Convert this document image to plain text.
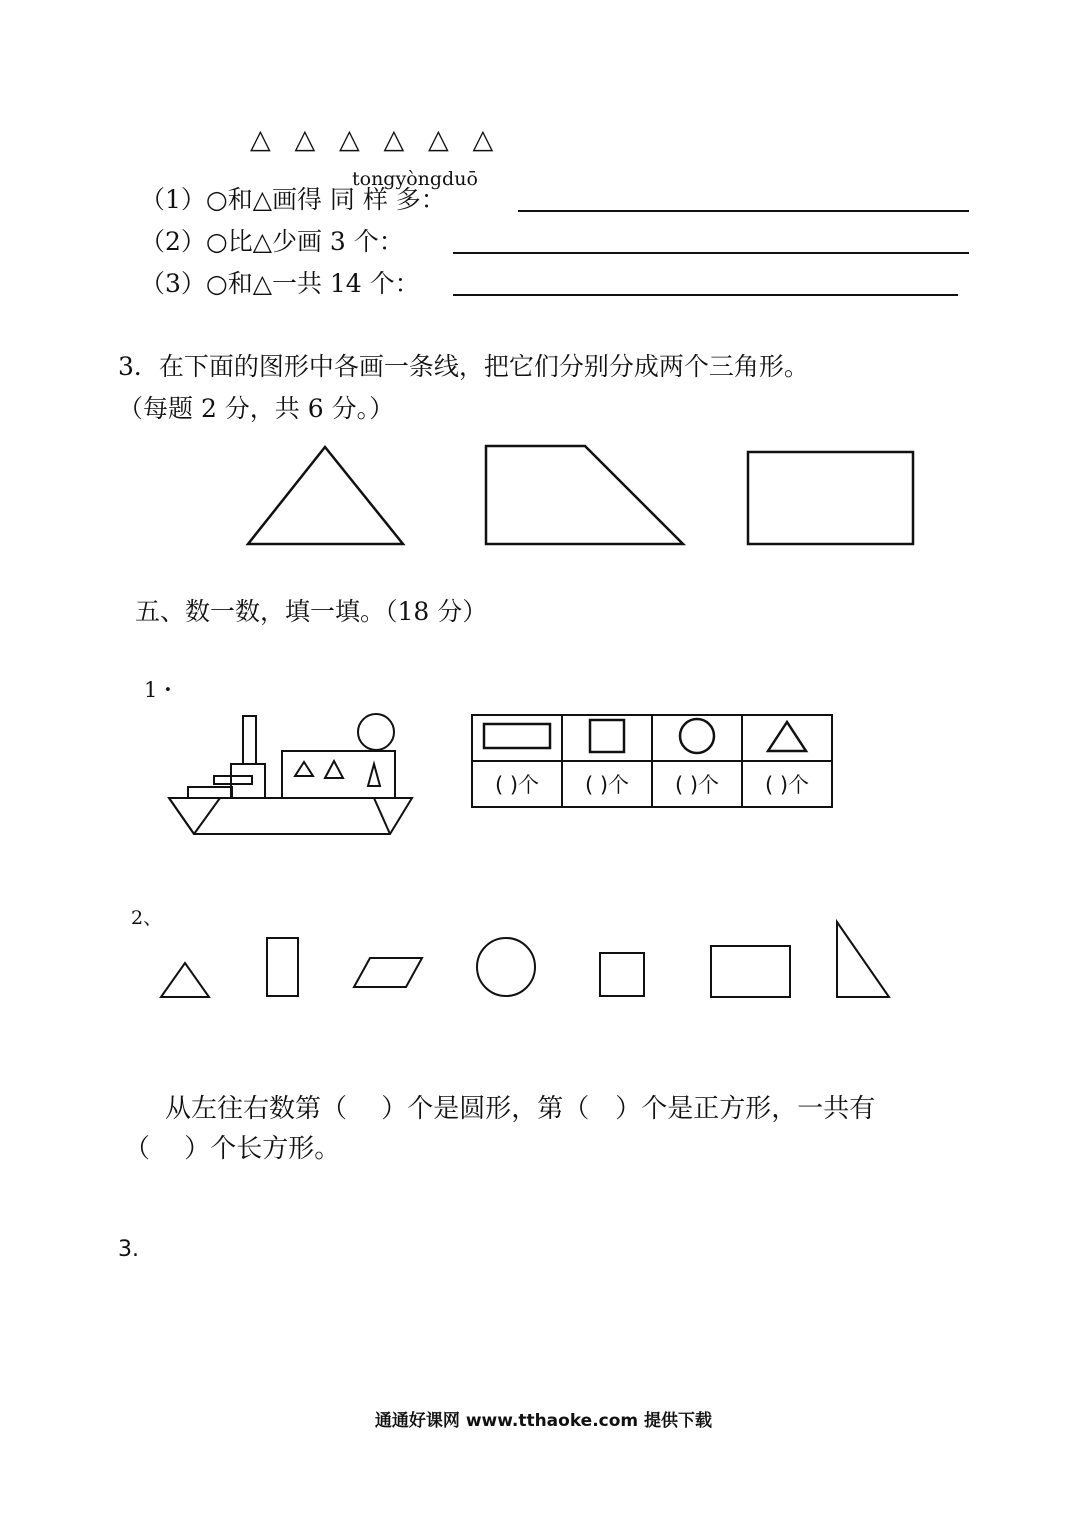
△ △ △ △ △ △
tongyòngduō
（1）○和△画得 同 样 多：
（2）○比△少画 3 个：
（3）○和△一共 14 个：
3．在下面的图形中各画一条线，把它们分别分成两个三角形。
（每题 2 分，共 6 分。）
五、数一数，填一填。（18 分）
1・

( )个	( )个	( )个	( )个
2、
从左往右数第（　 ）个是圆形，第（　）个是正方形，一共有
（　 ）个长方形。
3.
通通好课网 www.tthaoke.com 提供下载
